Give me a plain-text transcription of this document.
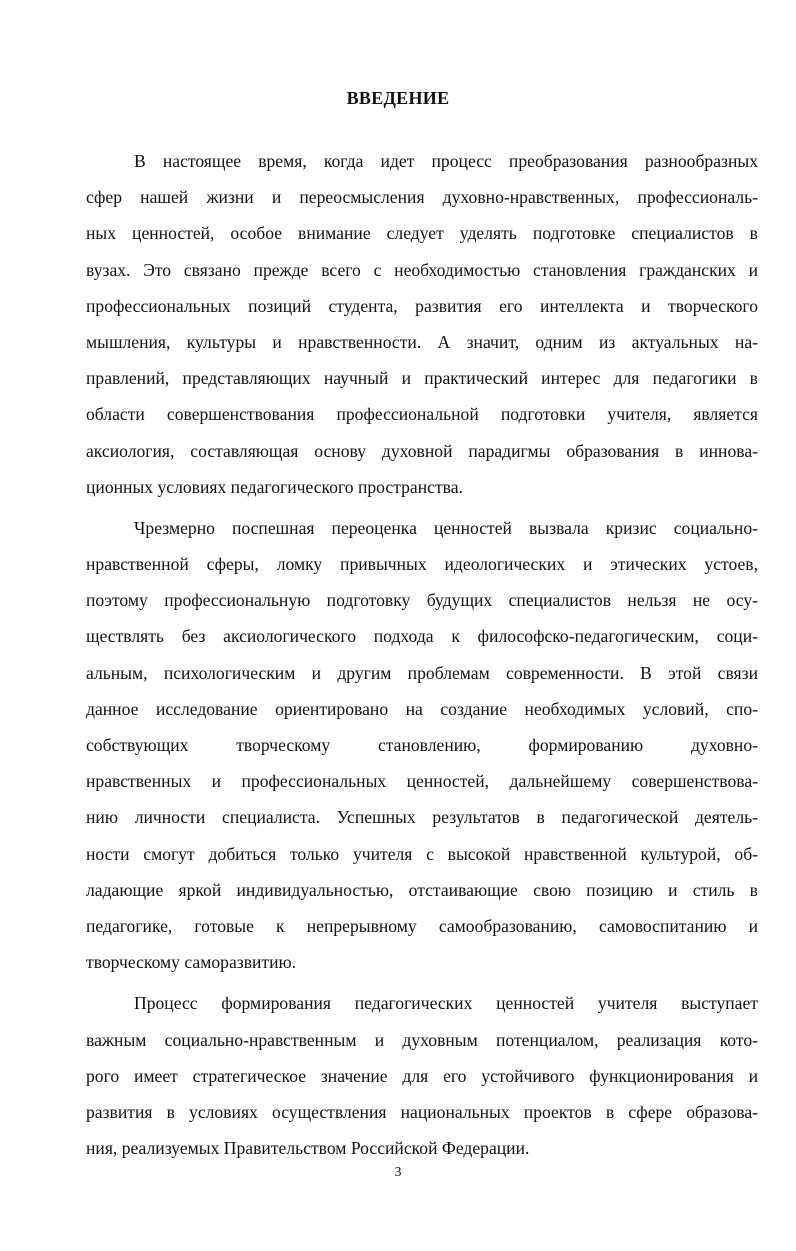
ВВЕДЕНИЕ
В настоящее время, когда идет процесс преобразования разнообразных
сфер нашей жизни и переосмысления духовно-нравственных, профессиональ-
ных ценностей, особое внимание следует уделять подготовке специалистов в
вузах. Это связано прежде всего с необходимостью становления гражданских и
профессиональных позиций студента, развития его интеллекта и творческого
мышления, культуры и нравственности. А значит, одним из актуальных на-
правлений, представляющих научный и практический интерес для педагогики в
области совершенствования профессиональной подготовки учителя, является
аксиология, составляющая основу духовной парадигмы образования в иннова-
ционных условиях педагогического пространства.
Чрезмерно поспешная переоценка ценностей вызвала кризис социально-
нравственной сферы, ломку привычных идеологических и этических устоев,
поэтому профессиональную подготовку будущих специалистов нельзя не осу-
ществлять без аксиологического подхода к философско-педагогическим, соци-
альным, психологическим и другим проблемам современности. В этой связи
данное исследование ориентировано на создание необходимых условий, спо-
собствующих творческому становлению, формированию духовно-
нравственных и профессиональных ценностей, дальнейшему совершенствова-
нию личности специалиста. Успешных результатов в педагогической деятель-
ности смогут добиться только учителя с высокой нравственной культурой, об-
ладающие яркой индивидуальностью, отстаивающие свою позицию и стиль в
педагогике, готовые к непрерывному самообразованию, самовоспитанию и
творческому саморазвитию.
Процесс формирования педагогических ценностей учителя выступает
важным социально-нравственным и духовным потенциалом, реализация кото-
рого имеет стратегическое значение для его устойчивого функционирования и
развития в условиях осуществления национальных проектов в сфере образова-
ния, реализуемых Правительством Российской Федерации.
3
